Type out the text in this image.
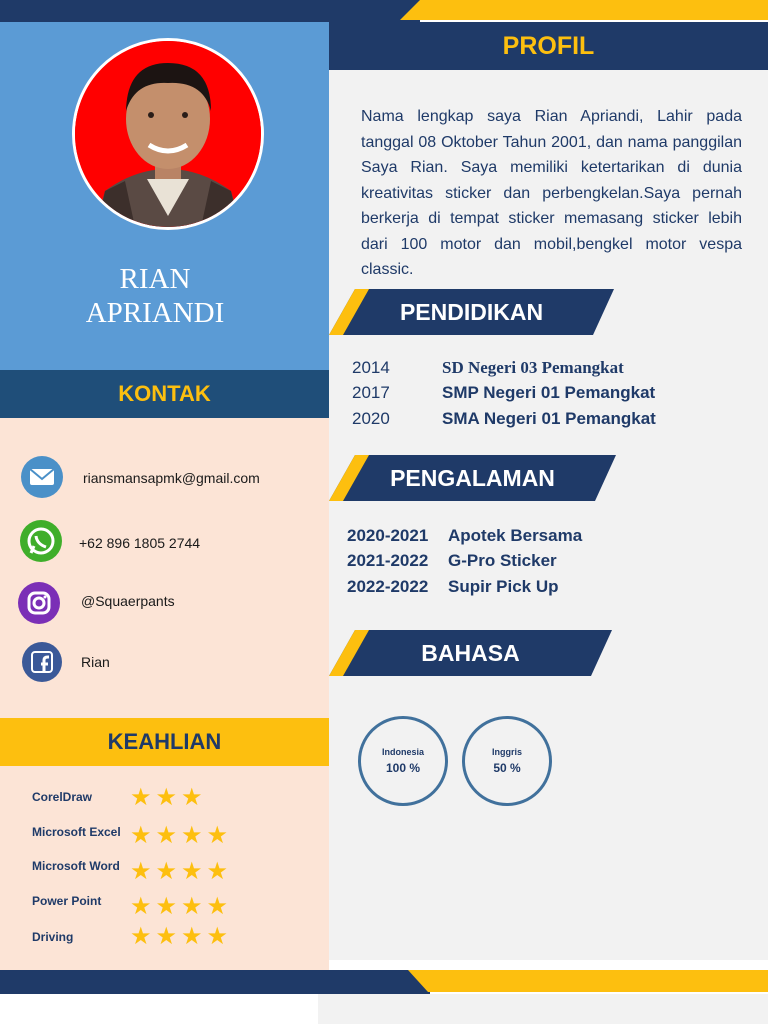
RIAN
APRIANDI
KONTAK
riansmansapmk@gmail.com
+62 896 1805 2744
@Squaerpants
Rian
KEAHLIAN
CorelDraw ★★★
Microsoft Excel ★★★★
Microsoft Word ★★★★
Power Point ★★★★
Driving ★★★★
PROFIL
Nama lengkap saya Rian Apriandi, Lahir pada tanggal 08 Oktober Tahun 2001, dan nama panggilan Saya Rian. Saya memiliki ketertarikan di dunia kreativitas sticker dan perbengkelan.Saya pernah berkerja di tempat sticker memasang sticker lebih dari 100 motor dan mobil,bengkel motor vespa classic.
PENDIDIKAN
2014	SD Negeri 03 Pemangkat
2017	SMP Negeri 01 Pemangkat
2020	SMA Negeri 01 Pemangkat
PENGALAMAN
2020-2021 Apotek Bersama
2021-2022 G-Pro Sticker
2022-2022 Supir Pick Up
BAHASA
Indonesia
100 %
Inggris
50 %
